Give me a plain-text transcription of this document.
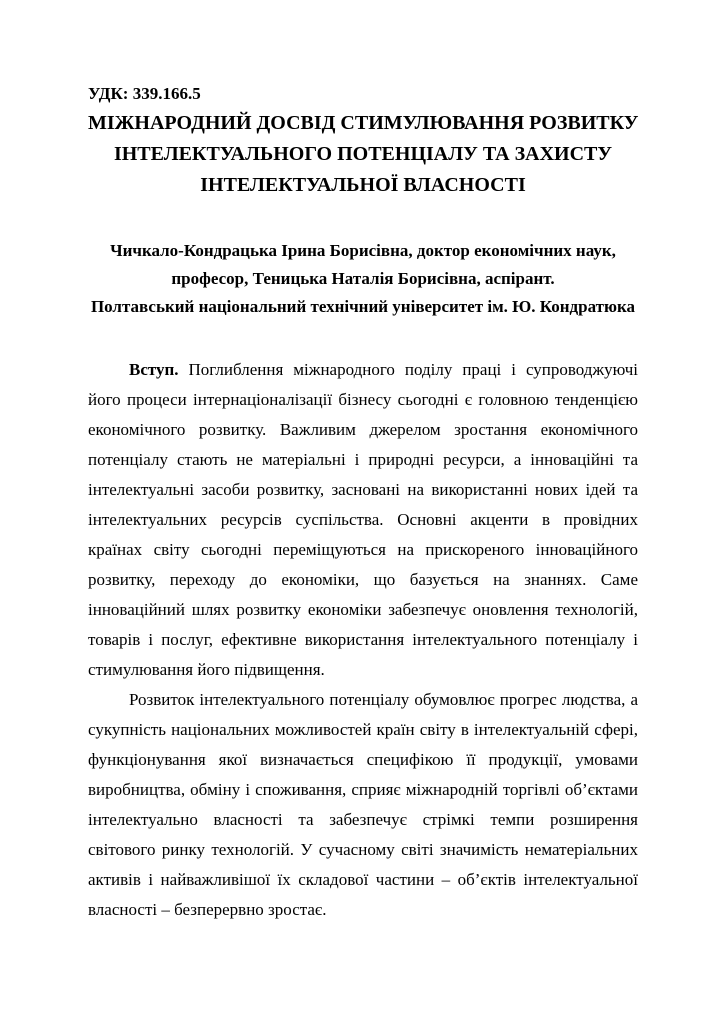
УДК: 339.166.5

МІЖНАРОДНИЙ ДОСВІД СТИМУЛЮВАННЯ РОЗВИТКУ
ІНТЕЛЕКТУАЛЬНОГО ПОТЕНЦІАЛУ ТА ЗАХИСТУ
ІНТЕЛЕКТУАЛЬНОЇ ВЛАСНОСТІ
Чичкало-Кондрацька Ірина Борисівна, доктор економічних наук,
професор, Теницька Наталія Борисівна, аспірант.
Полтавський національний технічний університет ім. Ю. Кондратюка

Вступ. Поглиблення міжнародного поділу праці і супроводжуючі
його процеси інтернаціоналізації бізнесу сьогодні є головною тенденцією
економічного розвитку. Важливим джерелом зростання економічного
потенціалу стають не матеріальні і природні ресурси, а інноваційні та
інтелектуальні засоби розвитку, засновані на використанні нових ідей та
інтелектуальних ресурсів суспільства. Основні акценти в провідних
країнах світу сьогодні переміщуються на прискореного інноваційного
розвитку, переходу до економіки, що базується на знаннях. Саме
інноваційний шлях розвитку економіки забезпечує оновлення технологій,
товарів і послуг, ефективне використання інтелектуального потенціалу і
стимулювання його підвищення.

Розвиток інтелектуального потенціалу обумовлює прогрес людства, а
сукупність національних можливостей країн світу в інтелектуальній сфері,
функціонування якої визначається специфікою її продукції, умовами
виробництва, обміну і споживання, сприяє міжнародній торгівлі об’єктами
інтелектуально власності та забезпечує стрімкі темпи розширення
світового ринку технологій. У сучасному світі значимість нематеріальних
активів і найважливішої їх складової частини – об’єктів інтелектуальної
власності – безперервно зростає.
